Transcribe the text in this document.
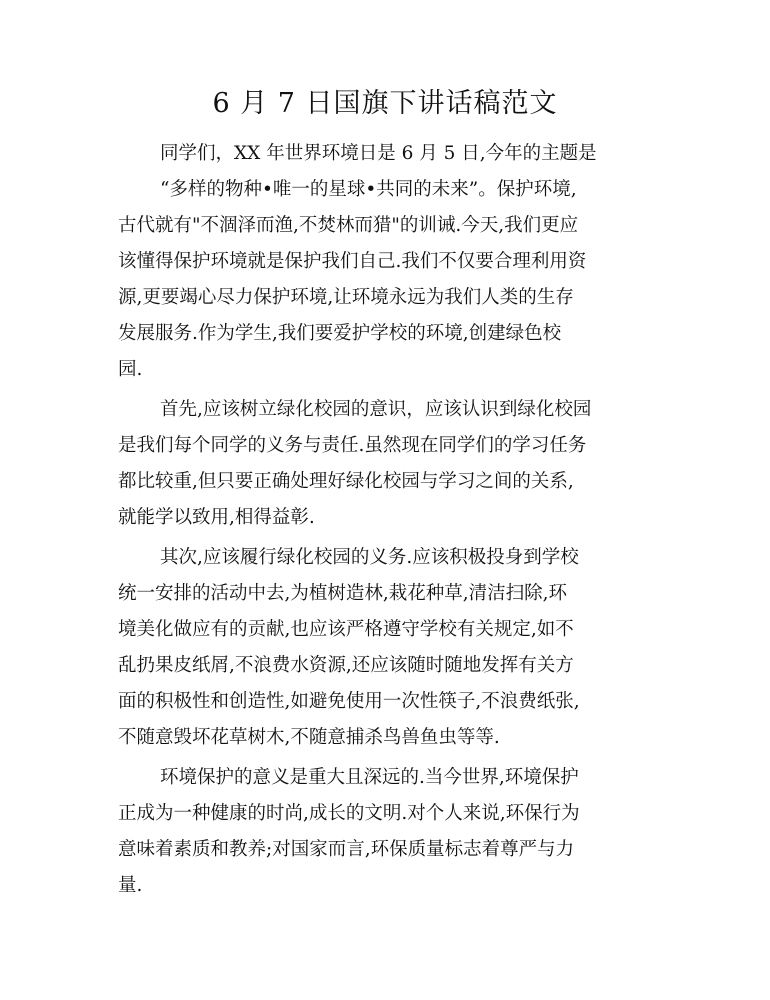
6 月 7 日国旗下讲话稿范文
同学们，XX 年世界环境日是 6 月 5 日,今年的主题是
“多样的物种•唯一的星球•共同的未来”。保护环境,
古代就有"不涸泽而渔,不焚林而猎"的训诫.今天,我们更应
该懂得保护环境就是保护我们自己.我们不仅要合理利用资
源,更要竭心尽力保护环境,让环境永远为我们人类的生存
发展服务.作为学生,我们要爱护学校的环境,创建绿色校
园.
首先,应该树立绿化校园的意识，应该认识到绿化校园
是我们每个同学的义务与责任.虽然现在同学们的学习任务
都比较重,但只要正确处理好绿化校园与学习之间的关系,
就能学以致用,相得益彰.
其次,应该履行绿化校园的义务.应该积极投身到学校
统一安排的活动中去,为植树造林,栽花种草,清洁扫除,环
境美化做应有的贡献,也应该严格遵守学校有关规定,如不
乱扔果皮纸屑,不浪费水资源,还应该随时随地发挥有关方
面的积极性和创造性,如避免使用一次性筷子,不浪费纸张,
不随意毁坏花草树木,不随意捕杀鸟兽鱼虫等等.
环境保护的意义是重大且深远的.当今世界,环境保护
正成为一种健康的时尚,成长的文明.对个人来说,环保行为
意味着素质和教养;对国家而言,环保质量标志着尊严与力
量.
